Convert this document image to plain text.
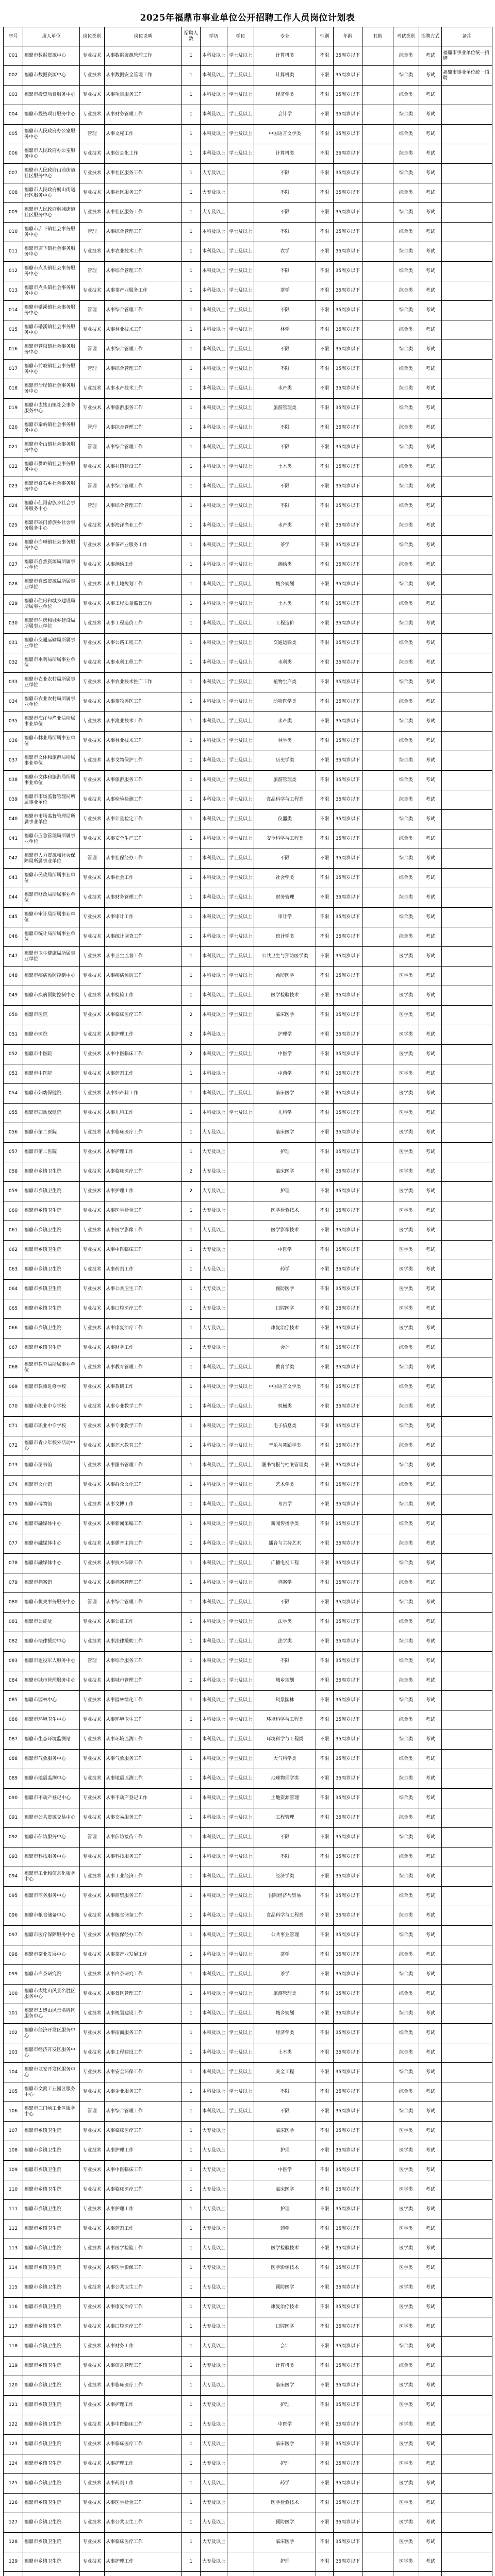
2025年福鼎市事业单位公开招聘工作人员岗位计划表
序号	用人单位	岗位类别	岗位说明	招聘人数	学历	学位	专业	性别	年龄	其他	考试类别	招聘方式	备注
001	福鼎市数据资源中心	专业技术	从事数据资源管理工作	1	本科及以上	学士及以上	计算机类	不限	35周岁以下		综合类	考试	福鼎市事业单位统一招聘
002	福鼎市数据资源中心	专业技术	从事数据安全管理工作	1	本科及以上	学士及以上	计算机类	不限	35周岁以下		综合类	考试	福鼎市事业单位统一招聘
003	福鼎市投资项目服务中心	专业技术	从事项目服务工作	1	本科及以上	学士及以上	经济学类	不限	35周岁以下		综合类	考试	
004	福鼎市投资项目服务中心	专业技术	从事财务管理工作	1	本科及以上	学士及以上	会计学	不限	35周岁以下		综合类	考试	
005	福鼎市人民政府办公室服务中心	管理	从事文秘工作	1	本科及以上	学士及以上	中国语言文学类	不限	35周岁以下		综合类	考试	
006	福鼎市人民政府办公室服务中心	专业技术	从事信息化工作	1	本科及以上	学士及以上	计算机类	不限	35周岁以下		综合类	考试	
007	福鼎市人民政府山前街道社区服务中心	专业技术	从事社区服务工作	1	大专及以上		不限	不限	35周岁以下		综合类	考试	
008	福鼎市人民政府桐山街道社区服务中心	专业技术	从事社区服务工作	1	大专及以上		不限	不限	35周岁以下		综合类	考试	
009	福鼎市人民政府桐城街道社区服务中心	专业技术	从事社区服务工作	1	大专及以上		不限	不限	35周岁以下		综合类	考试	
010	福鼎市店下镇社会事务服务中心	管理	从事综合管理工作	1	本科及以上	学士及以上	不限	不限	35周岁以下		综合类	考试	
011	福鼎市店下镇社会事务服务中心	专业技术	从事农业技术工作	1	本科及以上	学士及以上	农学	不限	35周岁以下		综合类	考试	
012	福鼎市点头镇社会事务服务中心	管理	从事综合管理工作	1	本科及以上	学士及以上	不限	不限	35周岁以下		综合类	考试	
013	福鼎市点头镇社会事务服务中心	专业技术	从事茶产业服务工作	1	本科及以上	学士及以上	茶学	不限	35周岁以下		综合类	考试	
014	福鼎市磻溪镇社会事务服务中心	管理	从事综合管理工作	1	本科及以上	学士及以上	不限	不限	35周岁以下		综合类	考试	
015	福鼎市磻溪镇社会事务服务中心	专业技术	从事林业技术工作	1	本科及以上	学士及以上	林学	不限	35周岁以下		综合类	考试	
016	福鼎市管阳镇社会事务服务中心	管理	从事综合管理工作	1	本科及以上	学士及以上	不限	不限	35周岁以下		综合类	考试	
017	福鼎市前岐镇社会事务服务中心	管理	从事综合管理工作	1	本科及以上	学士及以上	不限	不限	35周岁以下		综合类	考试	
018	福鼎市沙埕镇社会事务服务中心	专业技术	从事水产技术工作	1	本科及以上	学士及以上	水产类	不限	35周岁以下		综合类	考试	
019	福鼎市太姥山镇社会事务服务中心	专业技术	从事旅游服务工作	1	本科及以上	学士及以上	旅游管理类	不限	35周岁以下		综合类	考试	
020	福鼎市秦屿镇社会事务服务中心	管理	从事综合管理工作	1	本科及以上	学士及以上	不限	不限	35周岁以下		综合类	考试	
021	福鼎市嵛山镇社会事务服务中心	管理	从事综合管理工作	1	本科及以上	学士及以上	不限	不限	35周岁以下		综合类	考试	
022	福鼎市贯岭镇社会事务服务中心	专业技术	从事村镇建设工作	1	本科及以上	学士及以上	土木类	不限	35周岁以下		综合类	考试	
023	福鼎市叠石乡社会事务服务中心	管理	从事综合管理工作	1	本科及以上	学士及以上	不限	不限	35周岁以下		综合类	考试	
024	福鼎市佳阳畲族乡社会事务服务中心	管理	从事综合管理工作	1	本科及以上	学士及以上	不限	不限	35周岁以下		综合类	考试	
025	福鼎市硖门畲族乡社会事务服务中心	专业技术	从事海洋渔业工作	1	本科及以上	学士及以上	水产类	不限	35周岁以下		综合类	考试	
026	福鼎市白琳镇社会事务服务中心	专业技术	从事茶产业服务工作	1	本科及以上	学士及以上	茶学	不限	35周岁以下		综合类	考试	
027	福鼎市自然资源局所属事业单位	专业技术	从事测绘工作	1	本科及以上	学士及以上	测绘类	不限	35周岁以下		综合类	考试	
028	福鼎市自然资源局所属事业单位	专业技术	从事土地规划工作	1	本科及以上	学士及以上	城乡规划	不限	35周岁以下		综合类	考试	
029	福鼎市住房和城乡建设局所属事业单位	专业技术	从事工程质量监督工作	1	本科及以上	学士及以上	土木类	不限	35周岁以下		综合类	考试	
030	福鼎市住房和城乡建设局所属事业单位	专业技术	从事工程造价工作	1	本科及以上	学士及以上	工程造价	不限	35周岁以下		综合类	考试	
031	福鼎市交通运输局所属事业单位	专业技术	从事公路工程工作	1	本科及以上	学士及以上	交通运输类	不限	35周岁以下		综合类	考试	
032	福鼎市水利局所属事业单位	专业技术	从事水利工程工作	1	本科及以上	学士及以上	水利类	不限	35周岁以下		综合类	考试	
033	福鼎市农业农村局所属事业单位	专业技术	从事农业技术推广工作	1	本科及以上	学士及以上	植物生产类	不限	35周岁以下		综合类	考试	
034	福鼎市农业农村局所属事业单位	专业技术	从事畜牧兽医工作	1	本科及以上	学士及以上	动物医学类	不限	35周岁以下		综合类	考试	
035	福鼎市海洋与渔业局所属事业单位	专业技术	从事渔业技术工作	1	本科及以上	学士及以上	水产类	不限	35周岁以下		综合类	考试	
036	福鼎市林业局所属事业单位	专业技术	从事林业技术工作	1	本科及以上	学士及以上	林学类	不限	35周岁以下		综合类	考试	
037	福鼎市文体和旅游局所属事业单位	专业技术	从事文物保护工作	1	本科及以上	学士及以上	历史学类	不限	35周岁以下		综合类	考试	
038	福鼎市文体和旅游局所属事业单位	专业技术	从事旅游服务工作	1	本科及以上	学士及以上	旅游管理类	不限	35周岁以下		综合类	考试	
039	福鼎市市场监督管理局所属事业单位	专业技术	从事检验检测工作	1	本科及以上	学士及以上	食品科学与工程类	不限	35周岁以下		综合类	考试	
040	福鼎市市场监督管理局所属事业单位	专业技术	从事计量检定工作	1	本科及以上	学士及以上	仪器类	不限	35周岁以下		综合类	考试	
041	福鼎市应急管理局所属事业单位	专业技术	从事安全生产工作	1	本科及以上	学士及以上	安全科学与工程类	不限	35周岁以下		综合类	考试	
042	福鼎市人力资源和社会保障局所属事业单位	管理	从事社保经办工作	1	本科及以上	学士及以上	不限	不限	35周岁以下		综合类	考试	
043	福鼎市民政局所属事业单位	专业技术	从事社会工作	1	本科及以上	学士及以上	社会学类	不限	35周岁以下		综合类	考试	
044	福鼎市财政局所属事业单位	专业技术	从事财务管理工作	1	本科及以上	学士及以上	财务管理	不限	35周岁以下		综合类	考试	
045	福鼎市审计局所属事业单位	专业技术	从事审计工作	1	本科及以上	学士及以上	审计学	不限	35周岁以下		综合类	考试	
046	福鼎市统计局所属事业单位	专业技术	从事统计调查工作	1	本科及以上	学士及以上	统计学类	不限	35周岁以下		综合类	考试	
047	福鼎市卫生健康局所属事业单位	专业技术	从事卫生监督工作	1	本科及以上	学士及以上	公共卫生与预防医学类	不限	35周岁以下		医学类	考试	
048	福鼎市疾病预防控制中心	专业技术	从事疾病预防工作	1	本科及以上	学士及以上	预防医学	不限	35周岁以下		医学类	考试	
049	福鼎市疾病预防控制中心	专业技术	从事检验工作	1	本科及以上	学士及以上	医学检验技术	不限	35周岁以下		医学类	考试	
050	福鼎市医院	专业技术	从事临床医疗工作	2	本科及以上	学士及以上	临床医学	不限	35周岁以下		医学类	考试	
051	福鼎市医院	专业技术	从事护理工作	2	本科及以上		护理学	不限	35周岁以下		医学类	考试	
052	福鼎市中医院	专业技术	从事中医临床工作	2	本科及以上	学士及以上	中医学	不限	35周岁以下		医学类	考试	
053	福鼎市中医院	专业技术	从事药剂工作	1	本科及以上		中药学	不限	35周岁以下		医学类	考试	
054	福鼎市妇幼保健院	专业技术	从事妇产科工作	1	本科及以上	学士及以上	临床医学	不限	35周岁以下		医学类	考试	
055	福鼎市妇幼保健院	专业技术	从事儿科工作	1	本科及以上	学士及以上	儿科学	不限	35周岁以下		医学类	考试	
056	福鼎市第二医院	专业技术	从事临床医疗工作	1	大专及以上		临床医学	不限	35周岁以下		医学类	考试	
057	福鼎市第二医院	专业技术	从事护理工作	1	大专及以上		护理	不限	35周岁以下		医学类	考试	
058	福鼎市乡镇卫生院	专业技术	从事临床医疗工作	2	大专及以上		临床医学	不限	35周岁以下		医学类	考试	
059	福鼎市乡镇卫生院	专业技术	从事护理工作	2	大专及以上		护理	不限	35周岁以下		医学类	考试	
060	福鼎市乡镇卫生院	专业技术	从事医学检验工作	1	大专及以上		医学检验技术	不限	35周岁以下		医学类	考试	
061	福鼎市乡镇卫生院	专业技术	从事医学影像工作	1	大专及以上		医学影像技术	不限	35周岁以下		医学类	考试	
062	福鼎市乡镇卫生院	专业技术	从事中医临床工作	1	大专及以上		中医学	不限	35周岁以下		医学类	考试	
063	福鼎市乡镇卫生院	专业技术	从事药剂工作	1	大专及以上		药学	不限	35周岁以下		医学类	考试	
064	福鼎市乡镇卫生院	专业技术	从事公共卫生工作	1	大专及以上		预防医学	不限	35周岁以下		医学类	考试	
065	福鼎市乡镇卫生院	专业技术	从事口腔医疗工作	1	大专及以上		口腔医学	不限	35周岁以下		医学类	考试	
066	福鼎市乡镇卫生院	专业技术	从事康复治疗工作	1	大专及以上		康复治疗技术	不限	35周岁以下		医学类	考试	
067	福鼎市乡镇卫生院	专业技术	从事财务工作	1	大专及以上		会计	不限	35周岁以下		综合类	考试	
068	福鼎市教育局所属事业单位	专业技术	从事教育管理工作	1	本科及以上	学士及以上	教育学类	不限	35周岁以下		综合类	考试	
069	福鼎市教师进修学校	专业技术	从事教研工作	1	本科及以上	学士及以上	中国语言文学类	不限	35周岁以下		综合类	考试	
070	福鼎市职业中专学校	专业技术	从事专业教学工作	1	本科及以上	学士及以上	机械类	不限	35周岁以下		综合类	考试	
071	福鼎市职业中专学校	专业技术	从事专业教学工作	1	本科及以上	学士及以上	电子信息类	不限	35周岁以下		综合类	考试	
072	福鼎市青少年校外活动中心	专业技术	从事艺术教育工作	1	本科及以上	学士及以上	音乐与舞蹈学类	不限	35周岁以下		综合类	考试	
073	福鼎市图书馆	专业技术	从事图书管理工作	1	本科及以上	学士及以上	图书情报与档案管理类	不限	35周岁以下		综合类	考试	
074	福鼎市文化馆	专业技术	从事群众文化工作	1	本科及以上	学士及以上	艺术学类	不限	35周岁以下		综合类	考试	
075	福鼎市博物馆	专业技术	从事文博工作	1	本科及以上	学士及以上	考古学	不限	35周岁以下		综合类	考试	
076	福鼎市融媒体中心	专业技术	从事新闻采编工作	1	本科及以上	学士及以上	新闻传播学类	不限	35周岁以下		综合类	考试	
077	福鼎市融媒体中心	专业技术	从事播音主持工作	1	本科及以上	学士及以上	播音与主持艺术	不限	35周岁以下		综合类	考试	
078	福鼎市融媒体中心	专业技术	从事技术保障工作	1	本科及以上	学士及以上	广播电视工程	不限	35周岁以下		综合类	考试	
079	福鼎市档案馆	专业技术	从事档案管理工作	1	本科及以上	学士及以上	档案学	不限	35周岁以下		综合类	考试	
080	福鼎市机关事务服务中心	管理	从事综合管理工作	1	本科及以上	学士及以上	不限	不限	35周岁以下		综合类	考试	
081	福鼎市公证处	专业技术	从事公证工作	1	本科及以上	学士及以上	法学类	不限	35周岁以下		综合类	考试	
082	福鼎市法律援助中心	专业技术	从事法律援助工作	1	本科及以上	学士及以上	法学类	不限	35周岁以下		综合类	考试	
083	福鼎市退役军人服务中心	管理	从事综合服务工作	1	本科及以上	学士及以上	不限	不限	35周岁以下		综合类	考试	
084	福鼎市城市管理服务中心	专业技术	从事城市管理工作	1	本科及以上	学士及以上	城乡规划	不限	35周岁以下		综合类	考试	
085	福鼎市园林中心	专业技术	从事园林绿化工作	1	本科及以上	学士及以上	风景园林	不限	35周岁以下		综合类	考试	
086	福鼎市环境卫生中心	专业技术	从事环境卫生工作	1	本科及以上	学士及以上	环境科学与工程类	不限	35周岁以下		综合类	考试	
087	福鼎市生态环境监测站	专业技术	从事环境监测工作	1	本科及以上	学士及以上	环境科学与工程类	不限	35周岁以下		综合类	考试	
088	福鼎市气象服务中心	专业技术	从事气象服务工作	1	本科及以上	学士及以上	大气科学类	不限	35周岁以下		综合类	考试	
089	福鼎市地震监测中心	专业技术	从事地震监测工作	1	本科及以上	学士及以上	地球物理学类	不限	35周岁以下		综合类	考试	
090	福鼎市不动产登记中心	专业技术	从事不动产登记工作	1	本科及以上	学士及以上	土地资源管理	不限	35周岁以下		综合类	考试	
091	福鼎市公共资源交易中心	专业技术	从事交易服务工作	1	本科及以上	学士及以上	工程管理	不限	35周岁以下		综合类	考试	
092	福鼎市信访服务中心	管理	从事信访接待工作	1	本科及以上	学士及以上	不限	不限	35周岁以下		综合类	考试	
093	福鼎市科技服务中心	专业技术	从事科技服务工作	1	本科及以上	学士及以上	不限	不限	35周岁以下		综合类	考试	
094	福鼎市工业和信息化服务中心	专业技术	从事工业经济工作	1	本科及以上	学士及以上	经济学类	不限	35周岁以下		综合类	考试	
095	福鼎市商务服务中心	专业技术	从事商贸服务工作	1	本科及以上	学士及以上	国际经济与贸易	不限	35周岁以下		综合类	考试	
096	福鼎市粮食储备中心	专业技术	从事粮食储备工作	1	本科及以上	学士及以上	食品科学与工程类	不限	35周岁以下		综合类	考试	
097	福鼎市医疗保障服务中心	专业技术	从事医保经办工作	1	本科及以上	学士及以上	公共事业管理	不限	35周岁以下		综合类	考试	
098	福鼎市茶业发展中心	专业技术	从事茶产业发展工作	1	本科及以上	学士及以上	茶学	不限	35周岁以下		综合类	考试	
099	福鼎市白茶研究院	专业技术	从事白茶研究工作	1	本科及以上	学士及以上	茶学	不限	35周岁以下		综合类	考试	
100	福鼎市太姥山风景名胜区服务中心	专业技术	从事景区管理工作	1	本科及以上	学士及以上	旅游管理类	不限	35周岁以下		综合类	考试	
101	福鼎市太姥山风景名胜区服务中心	专业技术	从事规划建设工作	1	本科及以上	学士及以上	城乡规划	不限	35周岁以下		综合类	考试	
102	福鼎市经济开发区服务中心	专业技术	从事招商服务工作	1	本科及以上	学士及以上	经济学类	不限	35周岁以下		综合类	考试	
103	福鼎市经济开发区服务中心	专业技术	从事工程建设工作	1	本科及以上	学士及以上	土木类	不限	35周岁以下		综合类	考试	
104	福鼎市龙安开发区服务中心	专业技术	从事安全环保工作	1	本科及以上	学士及以上	安全工程	不限	35周岁以下		综合类	考试	
105	福鼎市文渡工业园区服务中心	专业技术	从事企业服务工作	1	本科及以上	学士及以上	不限	不限	35周岁以下		综合类	考试	
106	福鼎市三门峡工业区服务中心	管理	从事综合管理工作	1	本科及以上	学士及以上	不限	不限	35周岁以下		综合类	考试	
107	福鼎市乡镇卫生院	专业技术	从事临床医疗工作	1	大专及以上		临床医学	不限	35周岁以下		医学类	考试	
108	福鼎市乡镇卫生院	专业技术	从事护理工作	1	大专及以上		护理	不限	35周岁以下		医学类	考试	
109	福鼎市乡镇卫生院	专业技术	从事中医临床工作	1	大专及以上		中医学	不限	35周岁以下		医学类	考试	
110	福鼎市乡镇卫生院	专业技术	从事临床医疗工作	1	大专及以上		临床医学	不限	35周岁以下		医学类	考试	
111	福鼎市乡镇卫生院	专业技术	从事护理工作	1	大专及以上		护理	不限	35周岁以下		医学类	考试	
112	福鼎市乡镇卫生院	专业技术	从事药剂工作	1	大专及以上		药学	不限	35周岁以下		医学类	考试	
113	福鼎市乡镇卫生院	专业技术	从事医学检验工作	1	大专及以上		医学检验技术	不限	35周岁以下		医学类	考试	
114	福鼎市乡镇卫生院	专业技术	从事医学影像工作	1	大专及以上		医学影像技术	不限	35周岁以下		医学类	考试	
115	福鼎市乡镇卫生院	专业技术	从事公共卫生工作	1	大专及以上		预防医学	不限	35周岁以下		医学类	考试	
116	福鼎市乡镇卫生院	专业技术	从事康复治疗工作	1	大专及以上		康复治疗技术	不限	35周岁以下		医学类	考试	
117	福鼎市乡镇卫生院	专业技术	从事口腔医疗工作	1	大专及以上		口腔医学	不限	35周岁以下		医学类	考试	
118	福鼎市乡镇卫生院	专业技术	从事财务工作	1	大专及以上		会计	不限	35周岁以下		综合类	考试	
119	福鼎市乡镇卫生院	专业技术	从事信息管理工作	1	大专及以上		计算机类	不限	35周岁以下		综合类	考试	
120	福鼎市乡镇卫生院	专业技术	从事临床医疗工作	1	大专及以上		临床医学	不限	35周岁以下		医学类	考试	
121	福鼎市乡镇卫生院	专业技术	从事护理工作	1	大专及以上		护理	不限	35周岁以下		医学类	考试	
122	福鼎市乡镇卫生院	专业技术	从事中医临床工作	1	大专及以上		中医学	不限	35周岁以下		医学类	考试	
123	福鼎市乡镇卫生院	专业技术	从事临床医疗工作	1	大专及以上		临床医学	不限	35周岁以下		医学类	考试	
124	福鼎市乡镇卫生院	专业技术	从事护理工作	1	大专及以上		护理	不限	35周岁以下		医学类	考试	
125	福鼎市乡镇卫生院	专业技术	从事药剂工作	1	大专及以上		药学	不限	35周岁以下		医学类	考试	
126	福鼎市乡镇卫生院	专业技术	从事医学检验工作	1	大专及以上		医学检验技术	不限	35周岁以下		医学类	考试	
127	福鼎市乡镇卫生院	专业技术	从事公共卫生工作	1	大专及以上		预防医学	不限	35周岁以下		医学类	考试	
128	福鼎市乡镇卫生院	专业技术	从事临床医疗工作	1	大专及以上		临床医学	不限	35周岁以下		医学类	考试	
129	福鼎市乡镇卫生院	专业技术	从事护理工作	1	大专及以上		护理	不限	35周岁以下		医学类	考试	
